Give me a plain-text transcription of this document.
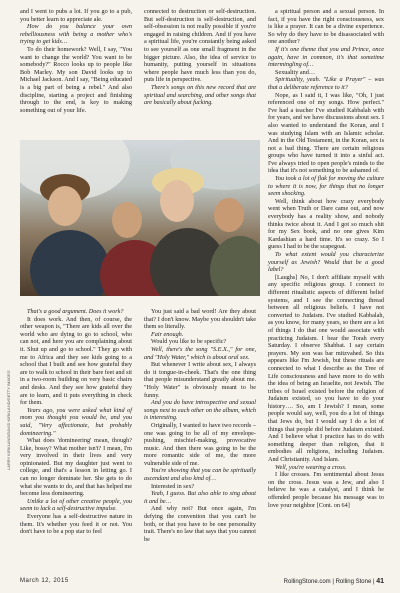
and I went to pubs a lot. If you go to a pub, you better learn to appreciate ale.

How do you balance your own rebelliousness with being a mother who's trying to get kids…

To do their homework? Well, I say, "You want to change the world? You want to be somebody?" Rocco looks up to people like Bob Marley. My son David looks up to Michael Jackson. And I say, "Being educated is a big part of being a rebel." And also discipline, starting a project and finishing through to the end, is key to making something out of your life.

connected to destruction or self-destruction. But self-destruction is self-destruction, and self-obsession is not really possible if you're engaged in raising children. And if you have a spiritual life, you're constantly being asked to see yourself as one small fragment in the bigger picture. Also, the idea of service to humanity, putting yourself in situations where people have much less than you do, puts life in perspective.

There's songs on this new record that are spiritual and searching, and other songs that are basically about fucking.

a spiritual person and a sexual person. In fact, if you have the right consciousness, sex is like a prayer. It can be a divine experience. So why do they have to be disassociated with one another?

If it's one theme that you and Prince, once again, have in common, it's that sometime intermingling of…

Sexuality and…

Spirituality, yeah. "Like a Prayer" – was that a deliberate reference to it?

Nope, as I said it, I was like, "Oh, I just referenced one of my songs. How perfect." I've had a teacher I've studied Kabbalah with for years, and we have discussions about sex. I also wanted to understand the Koran, and I was studying Islam with an Islamic scholar. And in the Old Testament, in the Koran, sex is not a bad thing. There are certain religious groups who have turned it into a sinful act. I've always tried to open people's minds to the idea that it's not something to be ashamed of.

You took a lot of flak for moving the culture to where it is now, for things that no longer seem shocking.

Well, think about how crazy everybody went when Truth or Dare came out, and now everybody has a reality show, and nobody thinks twice about it. And I got so much shit for my Sex book, and no one gives Kim Kardashian a hard time. It's so crazy. So I guess I had to be the scapegoat.

To what extent would you characterize yourself as Jewish? Would that be a good label?

[Laughs] No, I don't affiliate myself with any specific religious group. I connect to different ritualistic aspects of different belief systems, and I see the connecting thread between all religious beliefs. I have not converted to Judaism. I've studied Kabbalah, as you know, for many years, so there are a lot of things I do that one would associate with practicing Judaism. I bear the Torah every Saturday. I observe Shabbat. I say certain prayers. My son was bar mitzvahed. So this appears like I'm Jewish, but these rituals are connected to what I describe as the Tree of Life consciousness and have more to do with the idea of being an Israelite, not Jewish. The tribes of Israel existed before the religion of Judaism existed, so you have to do your history…. So, am I Jewish? I mean, some people would say, well, you do a lot of things that Jews do, but I would say I do a lot of things that people did before Judaism existed. And I believe what I practice has to do with something deeper than religion, that it embodies all religions, including Judaism. And Christianity. And Islam.

Well, you're wearing a cross.

I like crosses. I'm sentimental about Jesus on the cross. Jesus was a Jew, and also I believe he was a catalyst, and I think he offended people because his message was to love your neighbor [Cont. on 64]

LARRY KIRKLAND/DAVID KIRKLAND/GETTY IMAGES

That's a good argument. Does it work?

It does work. And then, of course, the other weapon is, "There are kids all over the world who are dying to go to school, who can not, and here you are complaining about it. Shut up and go to school." They go with me to Africa and they see kids going to a school that I built and see how grateful they are to walk to school in their bare feet and sit in a two-room building on very basic chairs and desks. And they see how grateful they are to learn, and it puts everything in check for them.

Years ago, you were asked what kind of mom you thought you would be, and you said, "Very affectionate, but probably domineering."

What does 'domineering' mean, though? Like, bossy? What mother isn't? I mean, I'm very involved in their lives and very opinionated. But my daughter just went to college, and that's a lesson in letting go. I can no longer dominate her. She gets to do what she wants to do, and that has helped me become less domineering.

Unlike a lot of other creative people, you seem to lack a self-destructive impulse.

Everyone has a self-destructive nature in them. It's whether you feed it or not. You don't have to be a pop star to feel

You just said a bad word! Are they about that? I don't know. Maybe you shouldn't take them so literally.

Fair enough.

Would you like to be specific?

Well, there's the song "S.E.X.," for one, and "Holy Water," which is about oral sex.

But whenever I write about sex, I always do it tongue-in-cheek. That's the one thing that people misunderstand greatly about me. "Holy Water" is obviously meant to be funny.

And you do have introspective and sexual songs next to each other on the album, which is interesting.

Originally, I wanted to have two records – one was going to be all of my envelope-pushing, mischief-making, provocative music. And then there was going to be the more romantic side of me, the more vulnerable side of me.

You're showing that you can be spiritually ascendant and also kind of…

Interested in sex?

Yeah, I guess. But also able to sing about it and be…

And why not? But once again, I'm defying the convention that you can't be both, or that you have to be one personality trait. There's no law that says that you cannot be

March 12, 2015	RollingStone.com | Rolling Stone | 41
